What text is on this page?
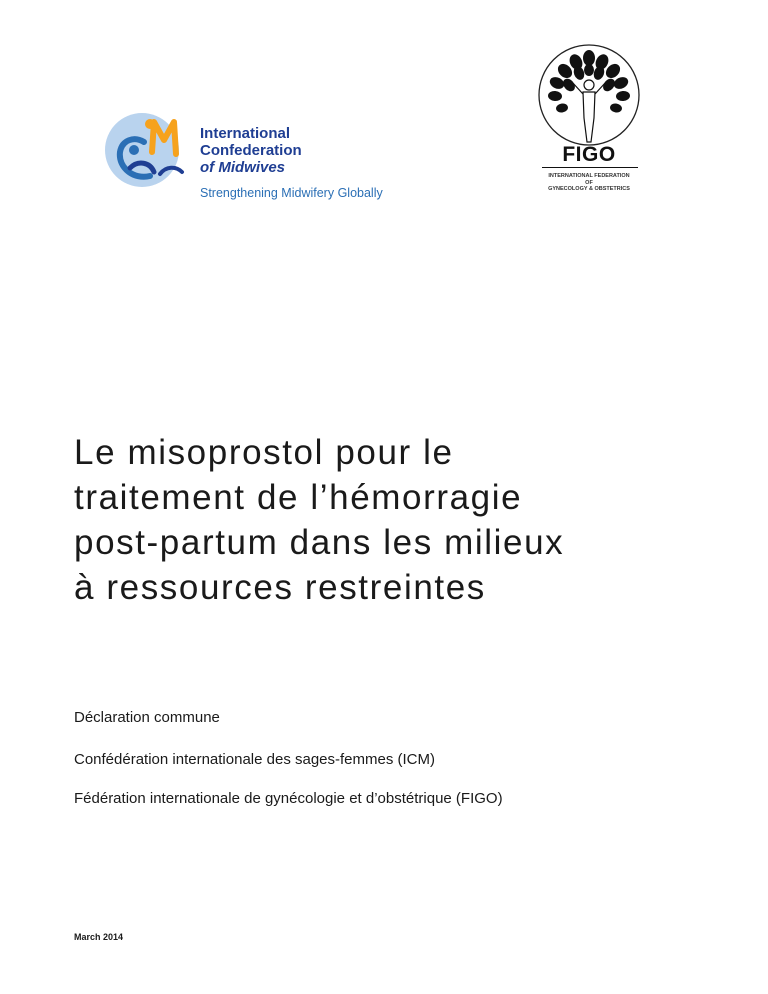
International
Confederation
of Midwives
Strengthening Midwifery Globally
FIGO
INTERNATIONAL FEDERATION
OF
GYNECOLOGY & OBSTETRICS
Le misoprostol pour le
traitement de l’hémorragie
post-partum dans les milieux
à ressources restreintes
Déclaration commune
Confédération internationale des sages-femmes (ICM)
Fédération internationale de gynécologie et d’obstétrique (FIGO)
March 2014
